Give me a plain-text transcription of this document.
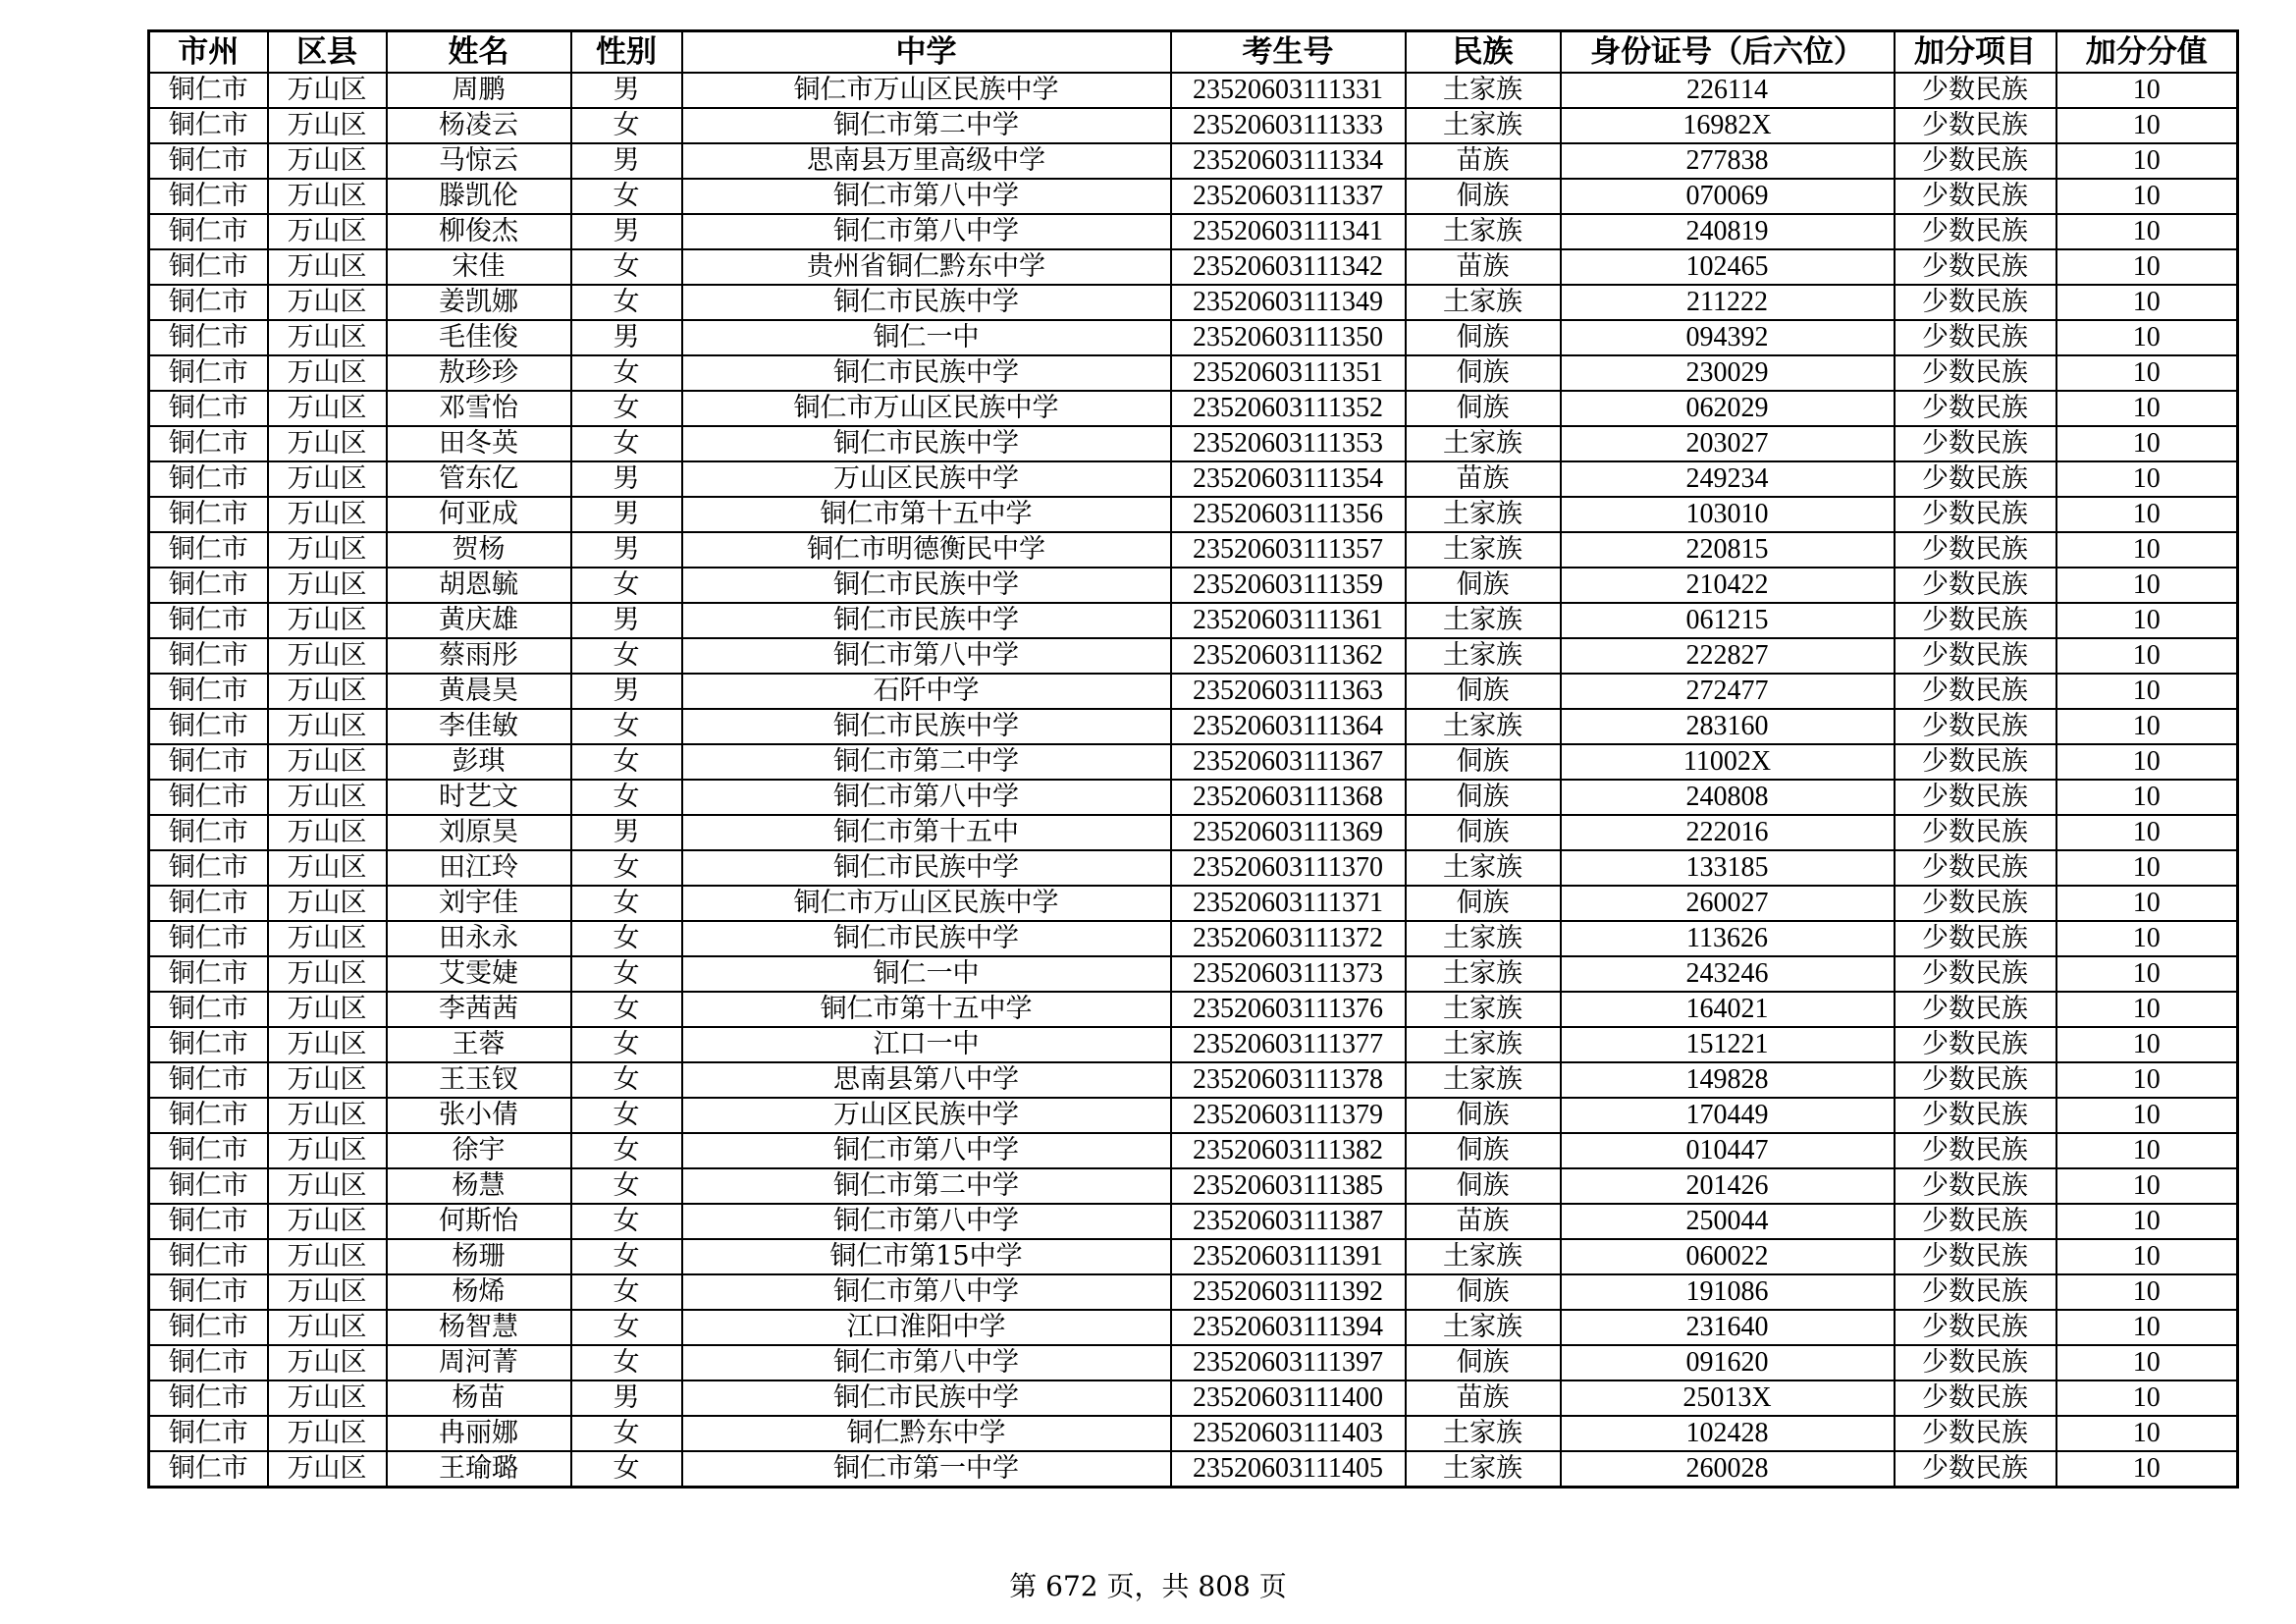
市州	区县	姓名	性别	中学	考生号	民族	身份证号（后六位）	加分项目	加分分值
铜仁市	万山区	周鹏	男	铜仁市万山区民族中学	23520603111331	土家族	226114	少数民族	10
铜仁市	万山区	杨凌云	女	铜仁市第二中学	23520603111333	土家族	16982X	少数民族	10
铜仁市	万山区	马惊云	男	思南县万里高级中学	23520603111334	苗族	277838	少数民族	10
铜仁市	万山区	滕凯伦	女	铜仁市第八中学	23520603111337	侗族	070069	少数民族	10
铜仁市	万山区	柳俊杰	男	铜仁市第八中学	23520603111341	土家族	240819	少数民族	10
铜仁市	万山区	宋佳	女	贵州省铜仁黔东中学	23520603111342	苗族	102465	少数民族	10
铜仁市	万山区	姜凯娜	女	铜仁市民族中学	23520603111349	土家族	211222	少数民族	10
铜仁市	万山区	毛佳俊	男	铜仁一中	23520603111350	侗族	094392	少数民族	10
铜仁市	万山区	敖珍珍	女	铜仁市民族中学	23520603111351	侗族	230029	少数民族	10
铜仁市	万山区	邓雪怡	女	铜仁市万山区民族中学	23520603111352	侗族	062029	少数民族	10
铜仁市	万山区	田冬英	女	铜仁市民族中学	23520603111353	土家族	203027	少数民族	10
铜仁市	万山区	管东亿	男	万山区民族中学	23520603111354	苗族	249234	少数民族	10
铜仁市	万山区	何亚成	男	铜仁市第十五中学	23520603111356	土家族	103010	少数民族	10
铜仁市	万山区	贺杨	男	铜仁市明德衡民中学	23520603111357	土家族	220815	少数民族	10
铜仁市	万山区	胡恩毓	女	铜仁市民族中学	23520603111359	侗族	210422	少数民族	10
铜仁市	万山区	黄庆雄	男	铜仁市民族中学	23520603111361	土家族	061215	少数民族	10
铜仁市	万山区	蔡雨彤	女	铜仁市第八中学	23520603111362	土家族	222827	少数民族	10
铜仁市	万山区	黄晨昊	男	石阡中学	23520603111363	侗族	272477	少数民族	10
铜仁市	万山区	李佳敏	女	铜仁市民族中学	23520603111364	土家族	283160	少数民族	10
铜仁市	万山区	彭琪	女	铜仁市第二中学	23520603111367	侗族	11002X	少数民族	10
铜仁市	万山区	时艺文	女	铜仁市第八中学	23520603111368	侗族	240808	少数民族	10
铜仁市	万山区	刘原昊	男	铜仁市第十五中	23520603111369	侗族	222016	少数民族	10
铜仁市	万山区	田江玲	女	铜仁市民族中学	23520603111370	土家族	133185	少数民族	10
铜仁市	万山区	刘宇佳	女	铜仁市万山区民族中学	23520603111371	侗族	260027	少数民族	10
铜仁市	万山区	田永永	女	铜仁市民族中学	23520603111372	土家族	113626	少数民族	10
铜仁市	万山区	艾雯婕	女	铜仁一中	23520603111373	土家族	243246	少数民族	10
铜仁市	万山区	李茜茜	女	铜仁市第十五中学	23520603111376	土家族	164021	少数民族	10
铜仁市	万山区	王蓉	女	江口一中	23520603111377	土家族	151221	少数民族	10
铜仁市	万山区	王玉钗	女	思南县第八中学	23520603111378	土家族	149828	少数民族	10
铜仁市	万山区	张小倩	女	万山区民族中学	23520603111379	侗族	170449	少数民族	10
铜仁市	万山区	徐宇	女	铜仁市第八中学	23520603111382	侗族	010447	少数民族	10
铜仁市	万山区	杨慧	女	铜仁市第二中学	23520603111385	侗族	201426	少数民族	10
铜仁市	万山区	何斯怡	女	铜仁市第八中学	23520603111387	苗族	250044	少数民族	10
铜仁市	万山区	杨珊	女	铜仁市第15中学	23520603111391	土家族	060022	少数民族	10
铜仁市	万山区	杨烯	女	铜仁市第八中学	23520603111392	侗族	191086	少数民族	10
铜仁市	万山区	杨智慧	女	江口淮阳中学	23520603111394	土家族	231640	少数民族	10
铜仁市	万山区	周河菁	女	铜仁市第八中学	23520603111397	侗族	091620	少数民族	10
铜仁市	万山区	杨苗	男	铜仁市民族中学	23520603111400	苗族	25013X	少数民族	10
铜仁市	万山区	冉丽娜	女	铜仁黔东中学	23520603111403	土家族	102428	少数民族	10
铜仁市	万山区	王瑜璐	女	铜仁市第一中学	23520603111405	土家族	260028	少数民族	10
第 672 页，共 808 页
